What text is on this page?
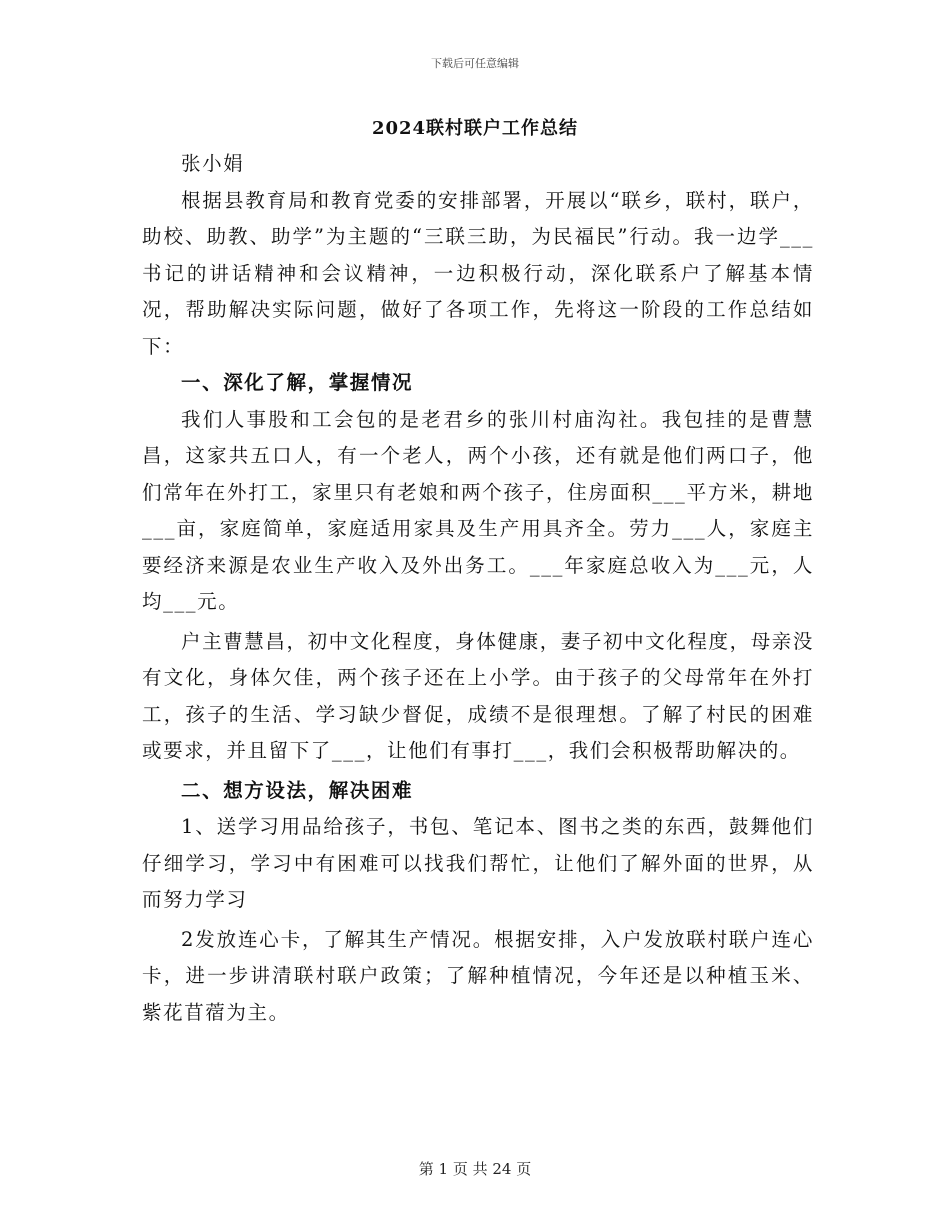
下载后可任意编辑
2024联村联户工作总结

张小娟

根据县教育局和教育党委的安排部署，开展以“联乡，联村，联户，助校、助教、助学”为主题的“三联三助，为民福民”行动。我一边学___书记的讲话精神和会议精神，一边积极行动，深化联系户了解基本情况，帮助解决实际问题，做好了各项工作，先将这一阶段的工作总结如下：

一、深化了解，掌握情况

我们人事股和工会包的是老君乡的张川村庙沟社。我包挂的是曹慧昌，这家共五口人，有一个老人，两个小孩，还有就是他们两口子，他们常年在外打工，家里只有老娘和两个孩子，住房面积___平方米，耕地___亩，家庭简单，家庭适用家具及生产用具齐全。劳力___人，家庭主要经济来源是农业生产收入及外出务工。___年家庭总收入为___元，人均___元。

户主曹慧昌，初中文化程度，身体健康，妻子初中文化程度，母亲没有文化，身体欠佳，两个孩子还在上小学。由于孩子的父母常年在外打工，孩子的生活、学习缺少督促，成绩不是很理想。了解了村民的困难或要求，并且留下了___，让他们有事打___，我们会积极帮助解决的。

二、想方设法，解决困难

1、送学习用品给孩子，书包、笔记本、图书之类的东西，鼓舞他们仔细学习，学习中有困难可以找我们帮忙，让他们了解外面的世界，从而努力学习

2发放连心卡，了解其生产情况。根据安排，入户发放联村联户连心卡，进一步讲清联村联户政策；了解种植情况，今年还是以种植玉米、紫花苜蓿为主。

第 1 页 共 24 页
